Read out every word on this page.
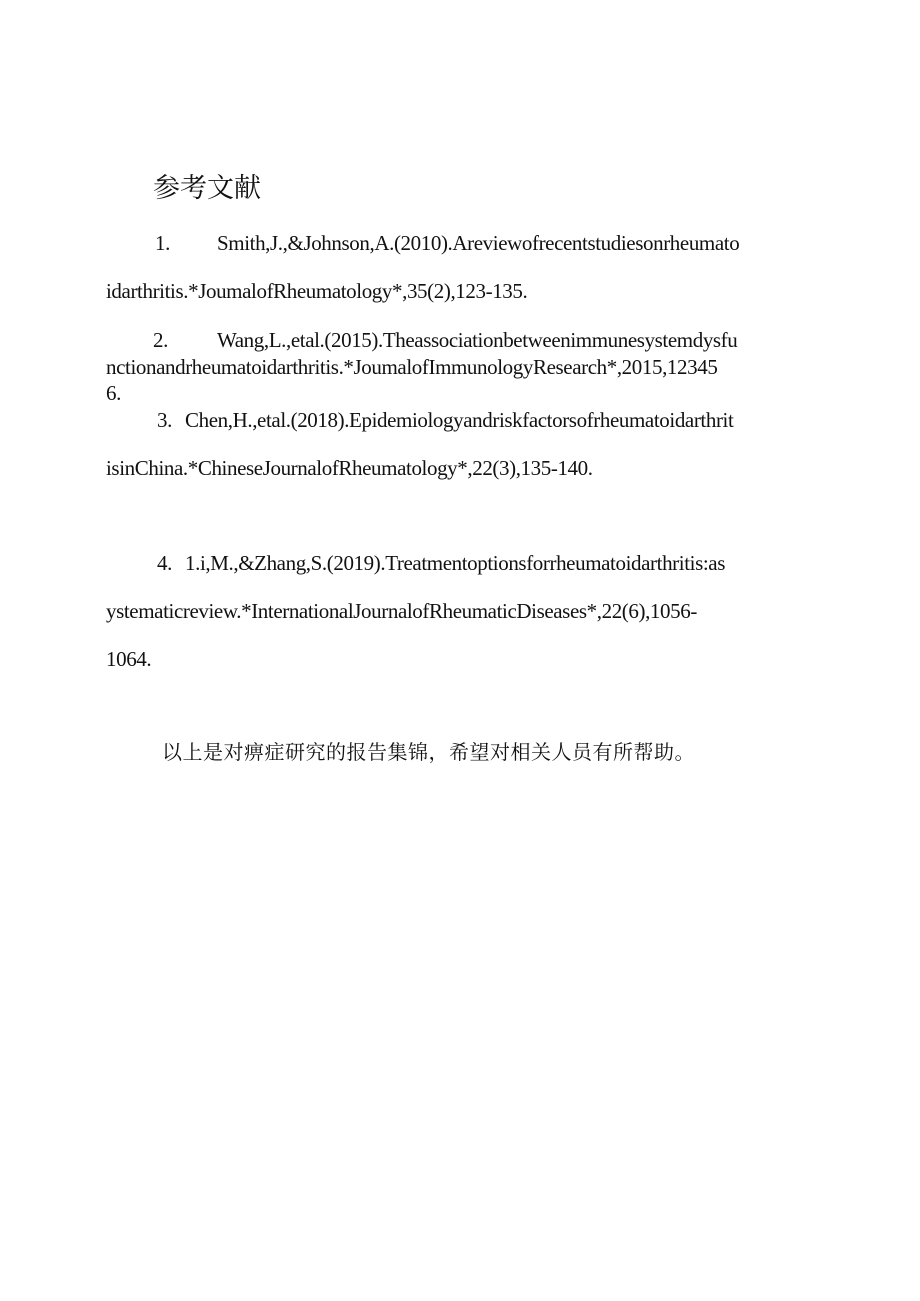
参考文献
1. Smith,J.,&Johnson,A.(2010).Areviewofrecentstudiesonrheumato
idarthritis.*JoumalofRheumatology*,35(2),123-135.
2. Wang,L.,etal.(2015).Theassociationbetweenimmunesystemdysfu
nctionandrheumatoidarthritis.*JoumalofImmunologyResearch*,2015,12345
6.
3. Chen,H.,etal.(2018).Epidemiologyandriskfactorsofrheumatoidarthrit
isinChina.*ChineseJournalofRheumatology*,22(3),135-140.
4. 1.i,M.,&Zhang,S.(2019).Treatmentoptionsforrheumatoidarthritis:as
ystematicreview.*InternationalJournalofRheumaticDiseases*,22(6),1056-
1064.
以上是对痹症研究的报告集锦，希望对相关人员有所帮助。
